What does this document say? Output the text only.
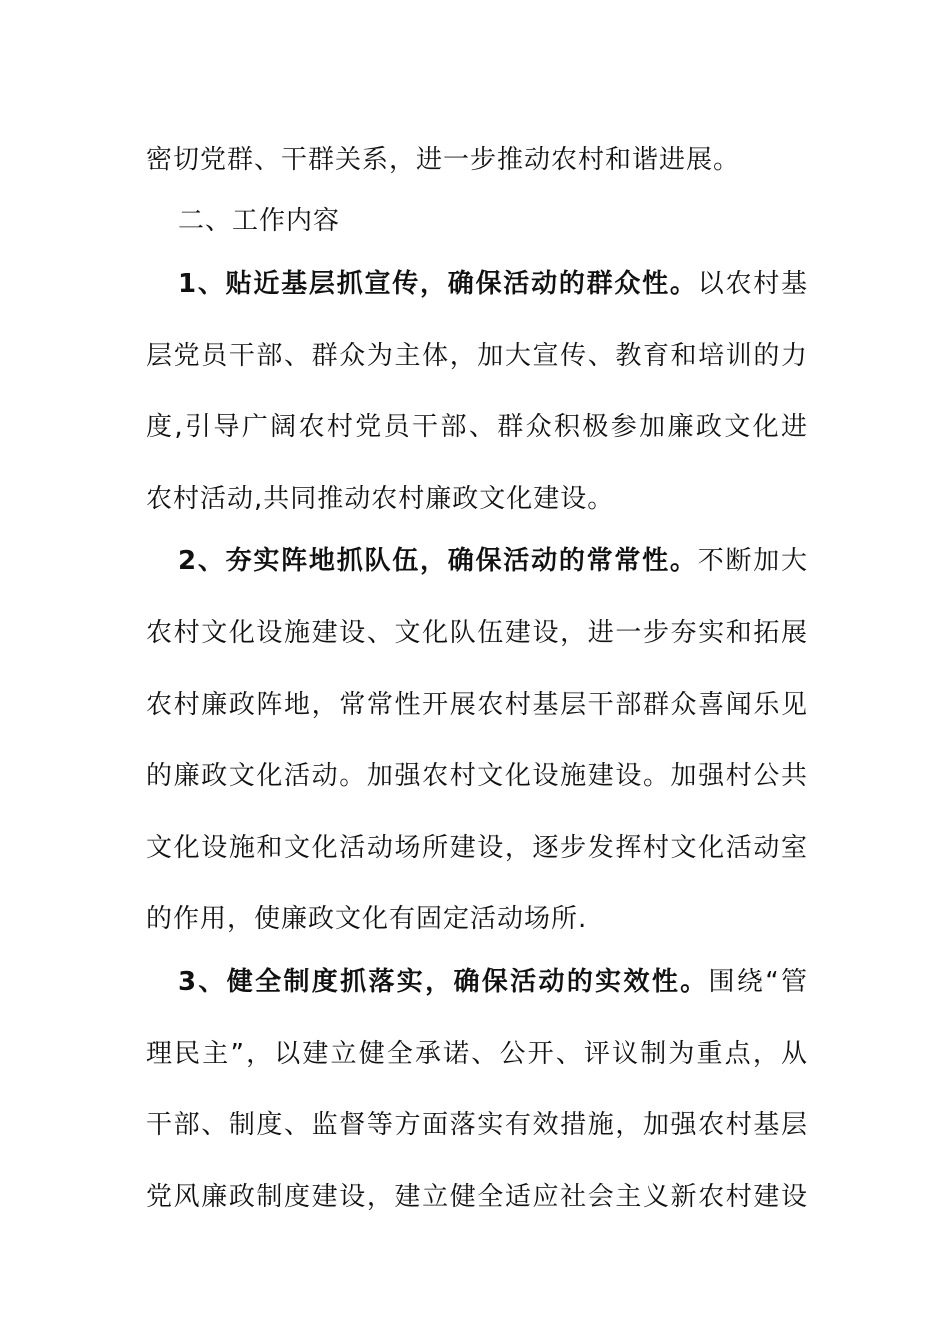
密切党群、干群关系，进一步推动农村和谐进展。
二、工作内容
1、贴近基层抓宣传，确保活动的群众性。以农村基
层党员干部、群众为主体，加大宣传、教育和培训的力
度,引导广阔农村党员干部、群众积极参加廉政文化进
农村活动,共同推动农村廉政文化建设。
2、夯实阵地抓队伍，确保活动的常常性。不断加大
农村文化设施建设、文化队伍建设，进一步夯实和拓展
农村廉政阵地，常常性开展农村基层干部群众喜闻乐见
的廉政文化活动。加强农村文化设施建设。加强村公共
文化设施和文化活动场所建设，逐步发挥村文化活动室
的作用，使廉政文化有固定活动场所.
3、健全制度抓落实，确保活动的实效性。围绕“管
理民主”，以建立健全承诺、公开、评议制为重点，从
干部、制度、监督等方面落实有效措施，加强农村基层
党风廉政制度建设，建立健全适应社会主义新农村建设
